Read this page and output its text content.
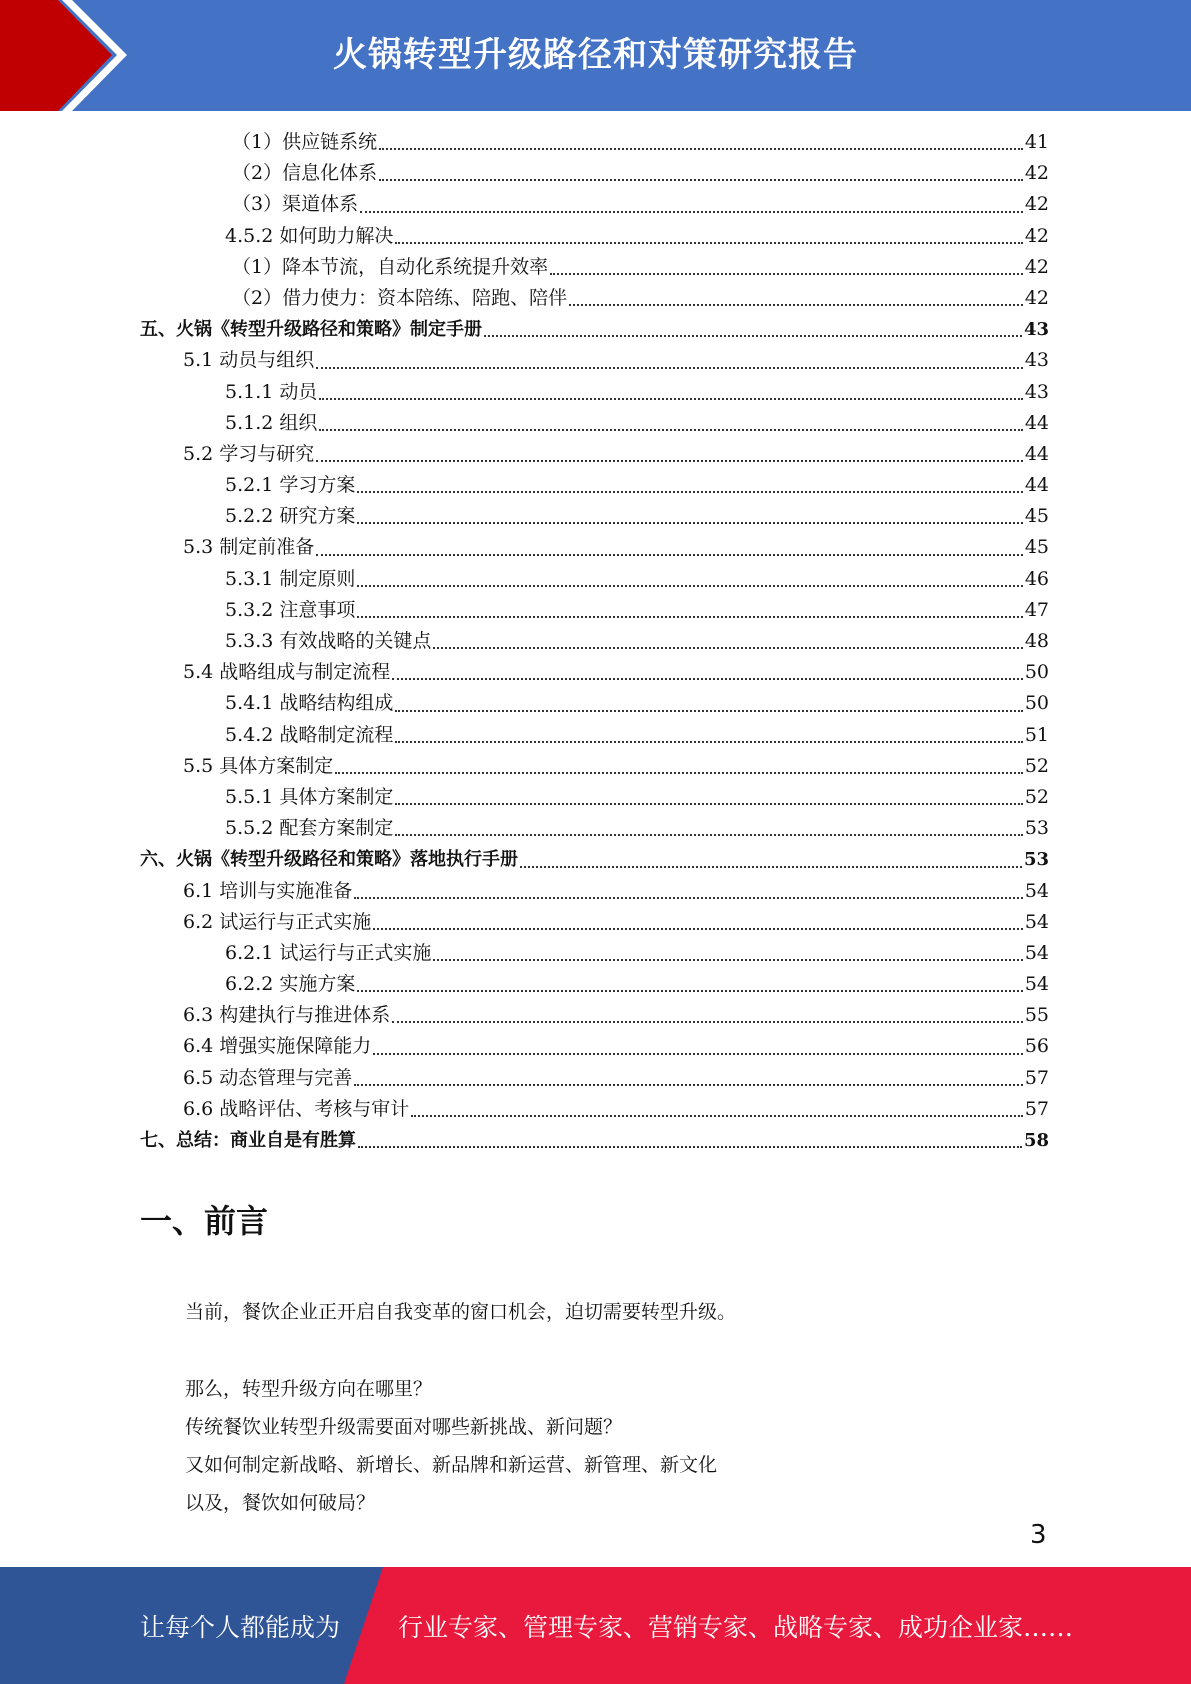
火锅转型升级路径和对策研究报告
（1）供应链系统	41
（2）信息化体系	42
（3）渠道体系	42
4.5.2 如何助力解决	42
（1）降本节流，自动化系统提升效率	42
（2）借力使力：资本陪练、陪跑、陪伴	42
五、火锅《转型升级路径和策略》制定手册	43
5.1 动员与组织	43
5.1.1 动员	43
5.1.2 组织	44
5.2 学习与研究	44
5.2.1 学习方案	44
5.2.2 研究方案	45
5.3 制定前准备	45
5.3.1 制定原则	46
5.3.2 注意事项	47
5.3.3 有效战略的关键点	48
5.4 战略组成与制定流程	50
5.4.1 战略结构组成	50
5.4.2 战略制定流程	51
5.5 具体方案制定	52
5.5.1 具体方案制定	52
5.5.2 配套方案制定	53
六、火锅《转型升级路径和策略》落地执行手册	53
6.1 培训与实施准备	54
6.2 试运行与正式实施	54
6.2.1 试运行与正式实施	54
6.2.2 实施方案	54
6.3 构建执行与推进体系	55
6.4 增强实施保障能力	56
6.5 动态管理与完善	57
6.6 战略评估、考核与审计	57
七、总结：商业自是有胜算	58
一、前言
当前，餐饮企业正开启自我变革的窗口机会，迫切需要转型升级。
那么，转型升级方向在哪里？
传统餐饮业转型升级需要面对哪些新挑战、新问题？
又如何制定新战略、新增长、新品牌和新运营、新管理、新文化
以及，餐饮如何破局？
3
让每个人都能成为 行业专家、管理专家、营销专家、战略专家、成功企业家……
